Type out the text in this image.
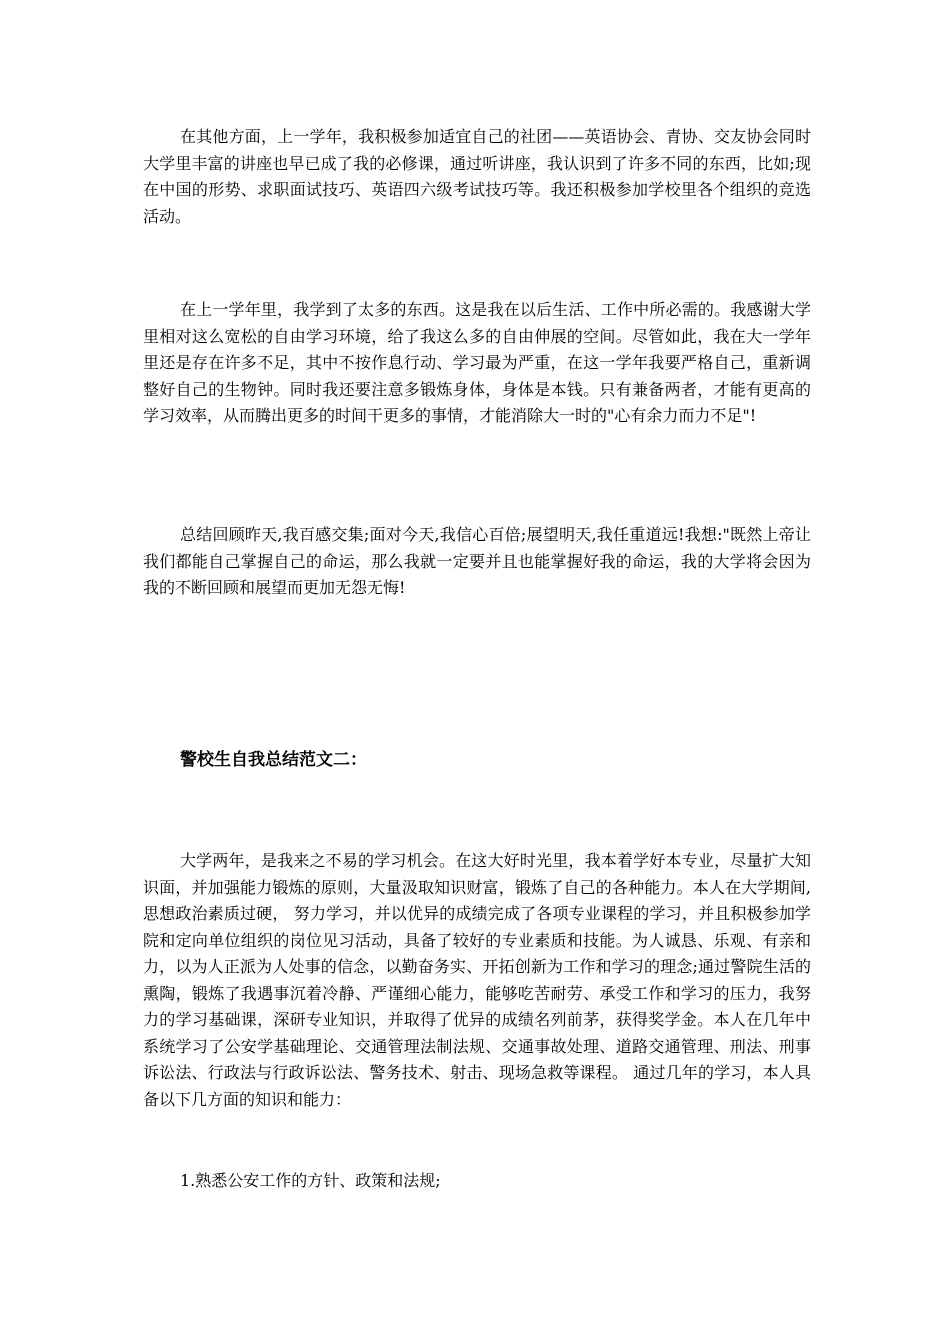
在其他方面，上一学年，我积极参加适宜自己的社团——英语协会、青协、交友协会同时大学里丰富的讲座也早已成了我的必修课，通过听讲座，我认识到了许多不同的东西，比如;现在中国的形势、求职面试技巧、英语四六级考试技巧等。我还积极参加学校里各个组织的竞选活动。

在上一学年里，我学到了太多的东西。这是我在以后生活、工作中所必需的。我感谢大学里相对这么宽松的自由学习环境，给了我这么多的自由伸展的空间。尽管如此，我在大一学年里还是存在许多不足，其中不按作息行动、学习最为严重，在这一学年我要严格自己，重新调整好自己的生物钟。同时我还要注意多锻炼身体，身体是本钱。只有兼备两者，才能有更高的学习效率，从而腾出更多的时间干更多的事情，才能消除大一时的"心有余力而力不足"!

总结回顾昨天,我百感交集;面对今天,我信心百倍;展望明天,我任重道远!我想:"既然上帝让我们都能自己掌握自己的命运，那么我就一定要并且也能掌握好我的命运，我的大学将会因为我的不断回顾和展望而更加无怨无悔!

警校生自我总结范文二：

大学两年，是我来之不易的学习机会。在这大好时光里，我本着学好本专业，尽量扩大知识面，并加强能力锻炼的原则，大量汲取知识财富，锻炼了自己的各种能力。本人在大学期间,思想政治素质过硬， 努力学习，并以优异的成绩完成了各项专业课程的学习，并且积极参加学院和定向单位组织的岗位见习活动，具备了较好的专业素质和技能。为人诚恳、乐观、有亲和力，以为人正派为人处事的信念，以勤奋务实、开拓创新为工作和学习的理念;通过警院生活的熏陶，锻炼了我遇事沉着冷静、严谨细心能力，能够吃苦耐劳、承受工作和学习的压力，我努力的学习基础课，深研专业知识，并取得了优异的成绩名列前茅，获得奖学金。本人在几年中系统学习了公安学基础理论、交通管理法制法规、交通事故处理、道路交通管理、刑法、刑事诉讼法、行政法与行政诉讼法、警务技术、射击、现场急救等课程。 通过几年的学习，本人具备以下几方面的知识和能力：

1.熟悉公安工作的方针、政策和法规;
